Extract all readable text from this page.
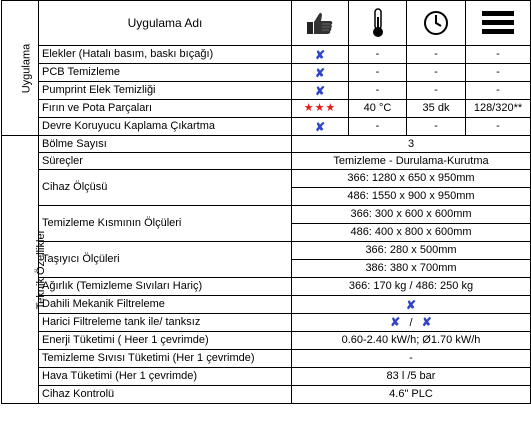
Uygulama	Uygulama Adı				
	Elekler (Hatalı basım, baskı bıçağı)	✘	-	-	-
	PCB Temizleme	✘	-	-	-
	Pumprint Elek Temizliği	✘	-	-	-
	Fırın ve Pota Parçaları	★★★	40 °C	35 dk	128/320**
	Devre Koruyucu Kaplama Çıkartma	✘	-	-	-
Teknik Özellikler	Bölme Sayısı	3			
	Süreçler	Temizleme - Durulama-Kurutma			
	Cihaz Ölçüsü	366: 1280 x 650 x 950mm			
		486: 1550 x 900 x 950mm			
	Temizleme Kısmının Ölçüleri	366: 300 x 600 x 600mm			
		486: 400 x 800 x 600mm			
	Taşıyıcı Ölçüleri	366: 280 x 500mm			
		386: 380 x 700mm			
	Ağırlık (Temizleme Sıvıları Hariç)	366: 170 kg / 486: 250 kg			
	Dahili Mekanik Filtreleme	✘			
	Harici Filtreleme tank ile/ tanksız	✘ / ✘			
	Enerji Tüketimi ( Heer 1 çevrimde)	0.60-2.40 kW/h; Ø1.70 kW/h			
	Temizleme Sıvısı Tüketimi (Her 1 çevrimde)	-			
	Hava Tüketimi (Her 1 çevrimde)	83 l /5 bar			
	Cihaz Kontrolü	4.6" PLC			
